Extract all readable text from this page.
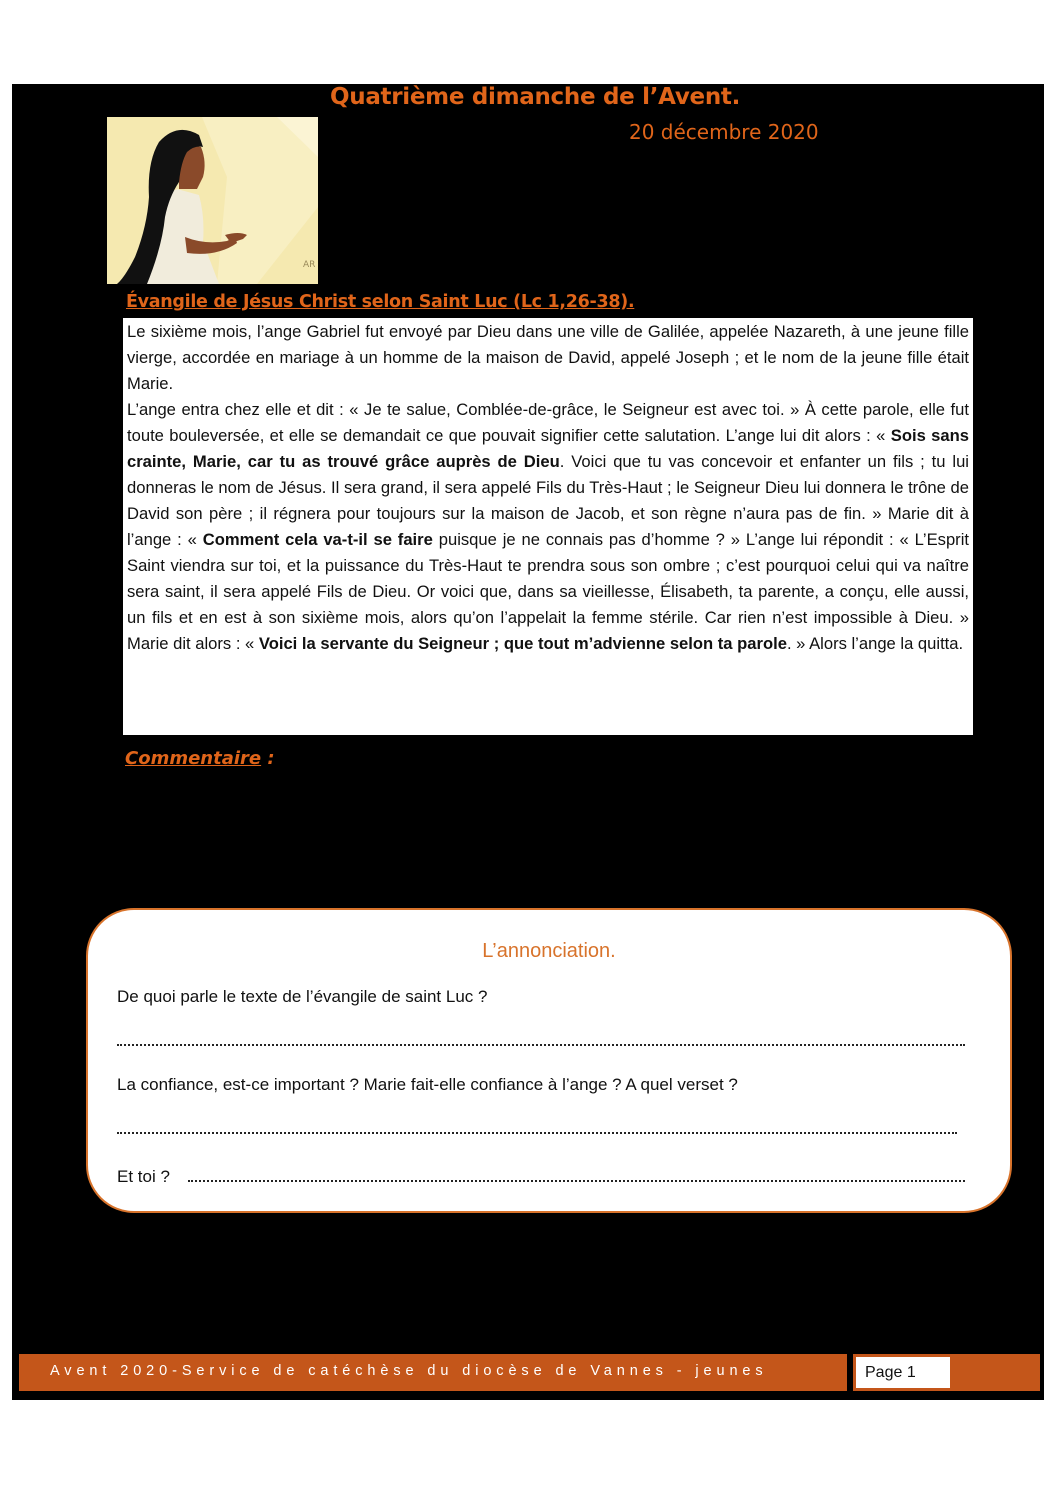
Quatrième dimanche de l’Avent.
20 décembre 2020
AR
Évangile de Jésus Christ selon Saint Luc (Lc 1,26-38).

Le sixième mois, l’ange Gabriel fut envoyé par Dieu dans une ville de Galilée, appelée Nazareth, à une jeune fille vierge, accordée en mariage à un homme de la maison de David, appelé Joseph ; et le nom de la jeune fille était Marie.
L’ange entra chez elle et dit : « Je te salue, Comblée-de-grâce, le Seigneur est avec toi. » À cette parole, elle fut toute bouleversée, et elle se demandait ce que pouvait signifier cette salutation. L’ange lui dit alors : « Sois sans crainte, Marie, car tu as trouvé grâce auprès de Dieu. Voici que tu vas concevoir et enfanter un fils ; tu lui donneras le nom de Jésus. Il sera grand, il sera appelé Fils du Très-Haut ; le Seigneur Dieu lui donnera le trône de David son père ; il régnera pour toujours sur la maison de Jacob, et son règne n’aura pas de fin. » Marie dit à l’ange : « Comment cela va-t-il se faire puisque je ne connais pas d’homme ? » L’ange lui répondit : « L’Esprit Saint viendra sur toi, et la puissance du Très-Haut te prendra sous son ombre ; c’est pourquoi celui qui va naître sera saint, il sera appelé Fils de Dieu. Or voici que, dans sa vieillesse, Élisabeth, ta parente, a conçu, elle aussi, un fils et en est à son sixième mois, alors qu’on l’appelait la femme stérile. Car rien n’est impossible à Dieu. » Marie dit alors : « Voici la servante du Seigneur ; que tout m’advienne selon ta parole. » Alors l’ange la quitta.

Commentaire :
L’annonciation.
De quoi parle le texte de l’évangile de saint Luc ?
La confiance, est-ce important ? Marie fait-elle confiance à l’ange ? A quel verset ?
Et toi ?
Avent 2020-Service de catéchèse du diocèse de Vannes - jeunes	Page 1
